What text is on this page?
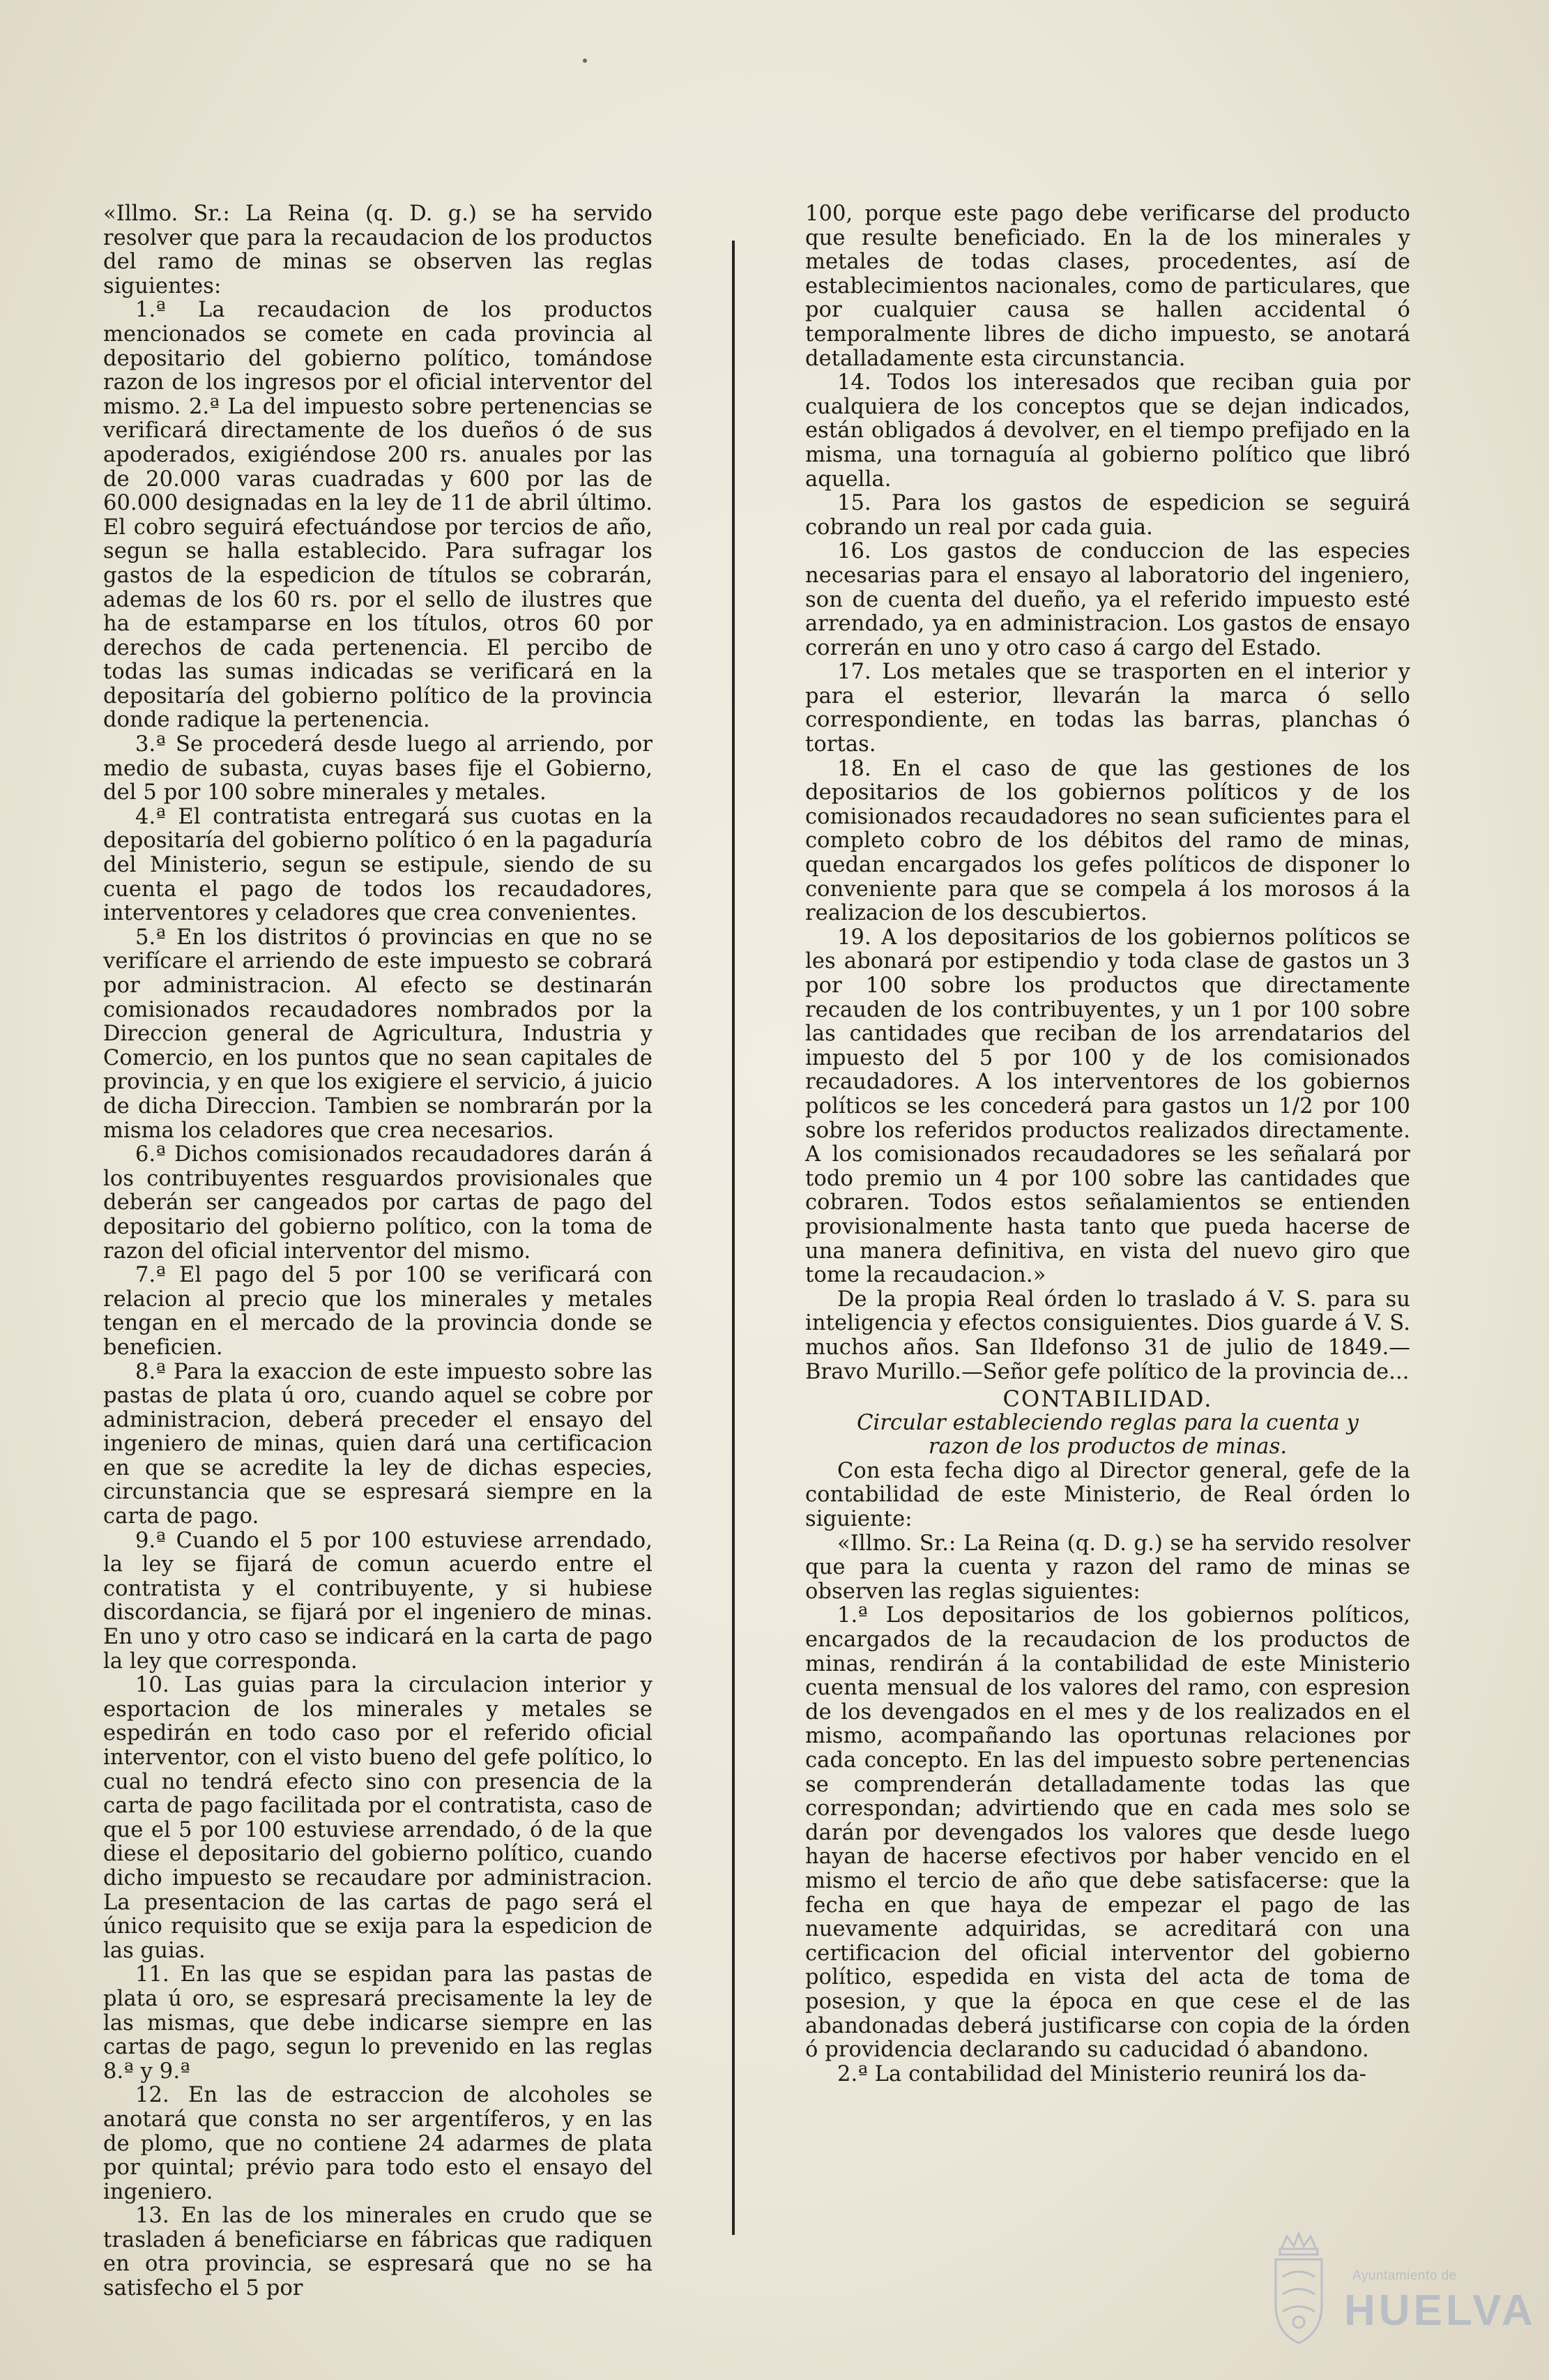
«Illmo. Sr.: La Reina (q. D. g.) se ha servido resolver que para la recaudacion de los productos del ramo de minas se observen las reglas siguientes:

1.ª La recaudacion de los productos mencionados se comete en cada provincia al depositario del gobierno político, tomándose razon de los ingresos por el oficial interventor del mismo. 2.ª La del impuesto sobre pertenencias se verificará directamente de los dueños ó de sus apoderados, exigiéndose 200 rs. anuales por las de 20.000 varas cuadradas y 600 por las de 60.000 designadas en la ley de 11 de abril último. El cobro seguirá efectuándose por tercios de año, segun se halla establecido. Para sufragar los gastos de la espedicion de títulos se cobrarán, ademas de los 60 rs. por el sello de ilustres que ha de estamparse en los títulos, otros 60 por derechos de cada pertenencia. El percibo de todas las sumas indicadas se verificará en la depositaría del gobierno político de la provincia donde radique la pertenencia.

3.ª Se procederá desde luego al arriendo, por medio de subasta, cuyas bases fije el Gobierno, del 5 por 100 sobre minerales y metales.

4.ª El contratista entregará sus cuotas en la depositaría del gobierno político ó en la pagaduría del Ministerio, segun se estipule, siendo de su cuenta el pago de todos los recaudadores, interventores y celadores que crea convenientes.

5.ª En los distritos ó provincias en que no se verifícare el arriendo de este impuesto se cobrará por administracion. Al efecto se destinarán comisionados recaudadores nombrados por la Direccion general de Agricultura, Industria y Comercio, en los puntos que no sean capitales de provincia, y en que los exigiere el servicio, á juicio de dicha Direccion. Tambien se nombrarán por la misma los celadores que crea necesarios.

6.ª Dichos comisionados recaudadores darán á los contribuyentes resguardos provisionales que deberán ser cangeados por cartas de pago del depositario del gobierno político, con la toma de razon del oficial interventor del mismo.

7.ª El pago del 5 por 100 se verificará con relacion al precio que los minerales y metales tengan en el mercado de la provincia donde se beneficien.

8.ª Para la exaccion de este impuesto sobre las pastas de plata ú oro, cuando aquel se cobre por administracion, deberá preceder el ensayo del ingeniero de minas, quien dará una certificacion en que se acredite la ley de dichas especies, circunstancia que se espresará siempre en la carta de pago.

9.ª Cuando el 5 por 100 estuviese arrendado, la ley se fijará de comun acuerdo entre el contratista y el contribuyente, y si hubiese discordancia, se fijará por el ingeniero de minas. En uno y otro caso se indicará en la carta de pago la ley que corresponda.

10. Las guias para la circulacion interior y esportacion de los minerales y metales se espedirán en todo caso por el referido oficial interventor, con el visto bueno del gefe político, lo cual no tendrá efecto sino con presencia de la carta de pago facilitada por el contratista, caso de que el 5 por 100 estuviese arrendado, ó de la que diese el depositario del gobierno político, cuando dicho impuesto se recaudare por administracion. La presentacion de las cartas de pago será el único requisito que se exija para la espedicion de las guias.

11. En las que se espidan para las pastas de plata ú oro, se espresará precisamente la ley de las mismas, que debe indicarse siempre en las cartas de pago, segun lo prevenido en las reglas 8.ª y 9.ª

12. En las de estraccion de alcoholes se anotará que consta no ser argentíferos, y en las de plomo, que no contiene 24 adarmes de plata por quintal; prévio para todo esto el ensayo del ingeniero.

13. En las de los minerales en crudo que se trasladen á beneficiarse en fábricas que radiquen en otra provincia, se espresará que no se ha satisfecho el 5 por

100, porque este pago debe verificarse del producto que resulte beneficiado. En la de los minerales y metales de todas clases, procedentes, así de establecimientos nacionales, como de particulares, que por cualquier causa se hallen accidental ó temporalmente libres de dicho impuesto, se anotará detalladamente esta circunstancia.

14. Todos los interesados que reciban guia por cualquiera de los conceptos que se dejan indicados, están obligados á devolver, en el tiempo prefijado en la misma, una tornaguía al gobierno político que libró aquella.

15. Para los gastos de espedicion se seguirá cobrando un real por cada guia.

16. Los gastos de conduccion de las especies necesarias para el ensayo al laboratorio del ingeniero, son de cuenta del dueño, ya el referido impuesto esté arrendado, ya en administracion. Los gastos de ensayo correrán en uno y otro caso á cargo del Estado.

17. Los metales que se trasporten en el interior y para el esterior, llevarán la marca ó sello correspondiente, en todas las barras, planchas ó tortas.

18. En el caso de que las gestiones de los depositarios de los gobiernos políticos y de los comisionados recaudadores no sean suficientes para el completo cobro de los débitos del ramo de minas, quedan encargados los gefes políticos de disponer lo conveniente para que se compela á los morosos á la realizacion de los descubiertos.

19. A los depositarios de los gobiernos políticos se les abonará por estipendio y toda clase de gastos un 3 por 100 sobre los productos que directamente recauden de los contribuyentes, y un 1 por 100 sobre las cantidades que reciban de los arrendatarios del impuesto del 5 por 100 y de los comisionados recaudadores. A los interventores de los gobiernos políticos se les concederá para gastos un 1/2 por 100 sobre los referidos productos realizados directamente. A los comisionados recaudadores se les señalará por todo premio un 4 por 100 sobre las cantidades que cobraren. Todos estos señalamientos se entienden provisionalmente hasta tanto que pueda hacerse de una manera definitiva, en vista del nuevo giro que tome la recaudacion.»

De la propia Real órden lo traslado á V. S. para su inteligencia y efectos consiguientes. Dios guarde á V. S. muchos años. San Ildefonso 31 de julio de 1849.—Bravo Murillo.—Señor gefe político de la provincia de...

CONTABILIDAD.

Circular estableciendo reglas para la cuenta y razon de los productos de minas.

Con esta fecha digo al Director general, gefe de la contabilidad de este Ministerio, de Real órden lo siguiente:

«Illmo. Sr.: La Reina (q. D. g.) se ha servido resolver que para la cuenta y razon del ramo de minas se observen las reglas siguientes:

1.ª Los depositarios de los gobiernos políticos, encargados de la recaudacion de los productos de minas, rendirán á la contabilidad de este Ministerio cuenta mensual de los valores del ramo, con espresion de los devengados en el mes y de los realizados en el mismo, acompañando las oportunas relaciones por cada concepto. En las del impuesto sobre pertenencias se comprenderán detalladamente todas las que correspondan; advirtiendo que en cada mes solo se darán por devengados los valores que desde luego hayan de hacerse efectivos por haber vencido en el mismo el tercio de año que debe satisfacerse: que la fecha en que haya de empezar el pago de las nuevamente adquiridas, se acreditará con una certificacion del oficial interventor del gobierno político, espedida en vista del acta de toma de posesion, y que la época en que cese el de las abandonadas deberá justificarse con copia de la órden ó providencia declarando su caducidad ó abandono.

2.ª La contabilidad del Ministerio reunirá los da-

Ayuntamiento de
HUELVA
